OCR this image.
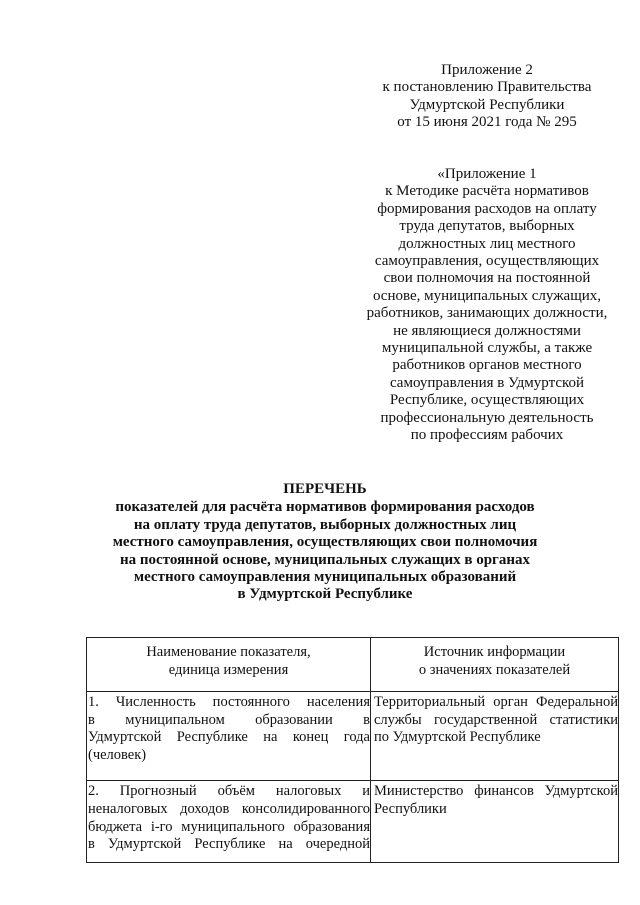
Приложение 2
к постановлению Правительства
Удмуртской Республики
от 15 июня 2021 года № 295
«Приложение 1
к Методике расчёта нормативов
формирования расходов на оплату
труда депутатов, выборных
должностных лиц местного
самоуправления, осуществляющих
свои полномочия на постоянной
основе, муниципальных служащих,
работников, занимающих должности,
не являющиеся должностями
муниципальной службы, а также
работников органов местного
самоуправления в Удмуртской
Республике, осуществляющих
профессиональную деятельность
по профессиям рабочих
ПЕРЕЧЕНЬ
показателей для расчёта нормативов формирования расходов
на оплату труда депутатов, выборных должностных лиц
местного самоуправления, осуществляющих свои полномочия
на постоянной основе, муниципальных служащих в органах
местного самоуправления муниципальных образований
в Удмуртской Республике
Наименование показателя,
единица измерения	Источник информации
о значениях показателей

1. Численность постоянного населения
в муниципальном образовании в
Удмуртской Республике на конец года
(человек)	Территориальный орган Федеральной
службы государственной статистики
по Удмуртской Республике

2. Прогнозный объём налоговых и
неналоговых доходов консолидированного
бюджета i-го муниципального образования
в Удмуртской Республике на очередной	Министерство финансов Удмуртской
Республики
